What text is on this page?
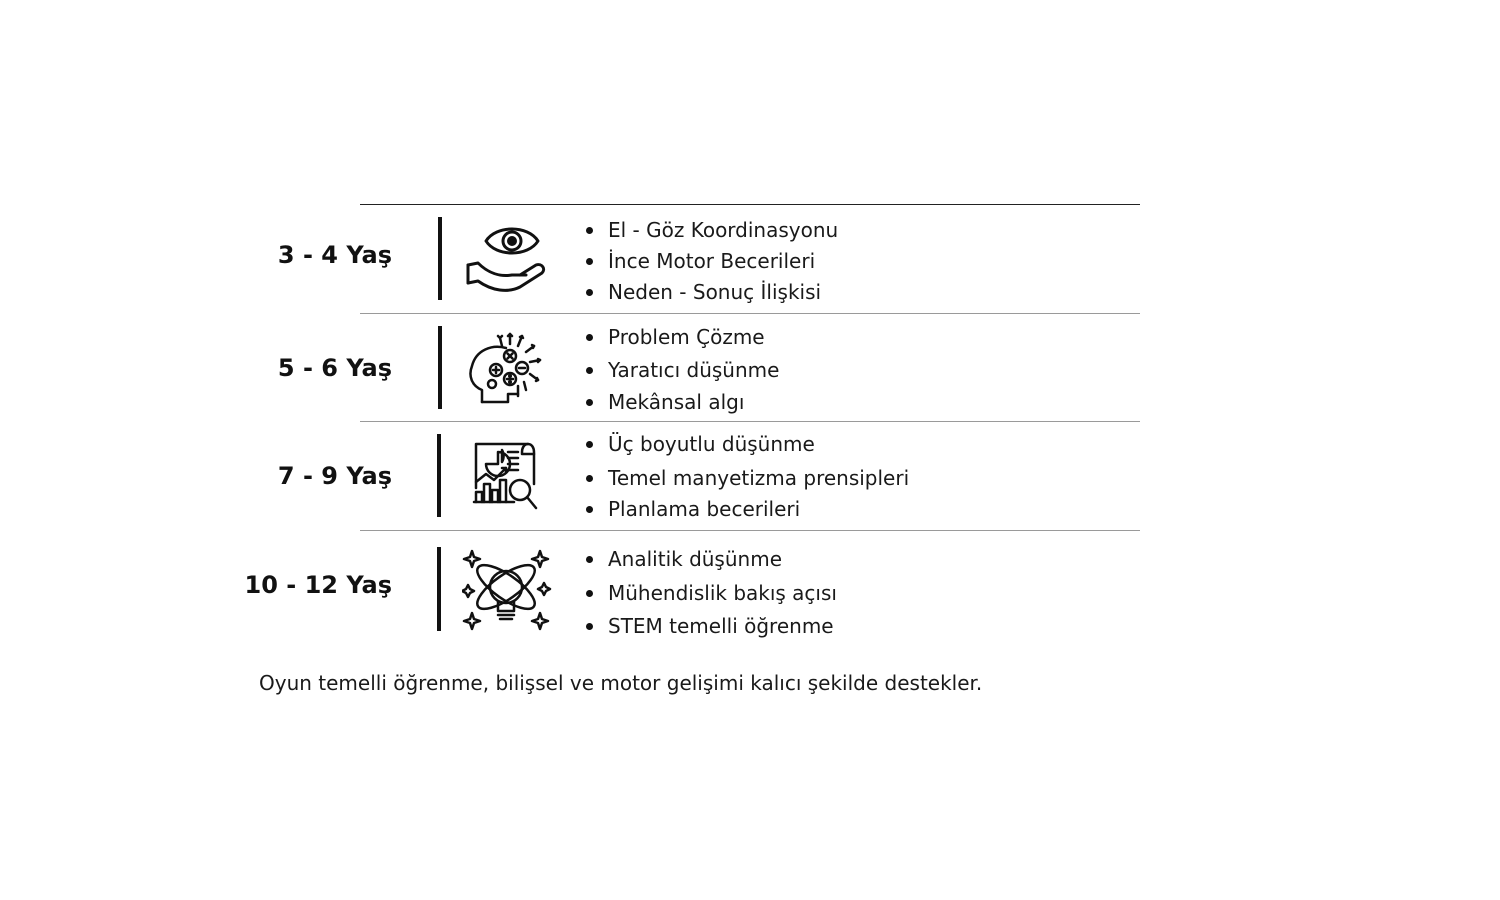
3 - 4 Yaş
El - Göz Koordinasyonu
İnce Motor Becerileri
Neden - Sonuç İlişkisi
5 - 6 Yaş
Problem Çözme
Yaratıcı düşünme
Mekânsal algı
7 - 9 Yaş
Üç boyutlu düşünme
Temel manyetizma prensipleri
Planlama becerileri
10 - 12 Yaş
Analitik düşünme
Mühendislik bakış açısı
STEM temelli öğrenme
Oyun temelli öğrenme, bilişsel ve motor gelişimi kalıcı şekilde destekler.
